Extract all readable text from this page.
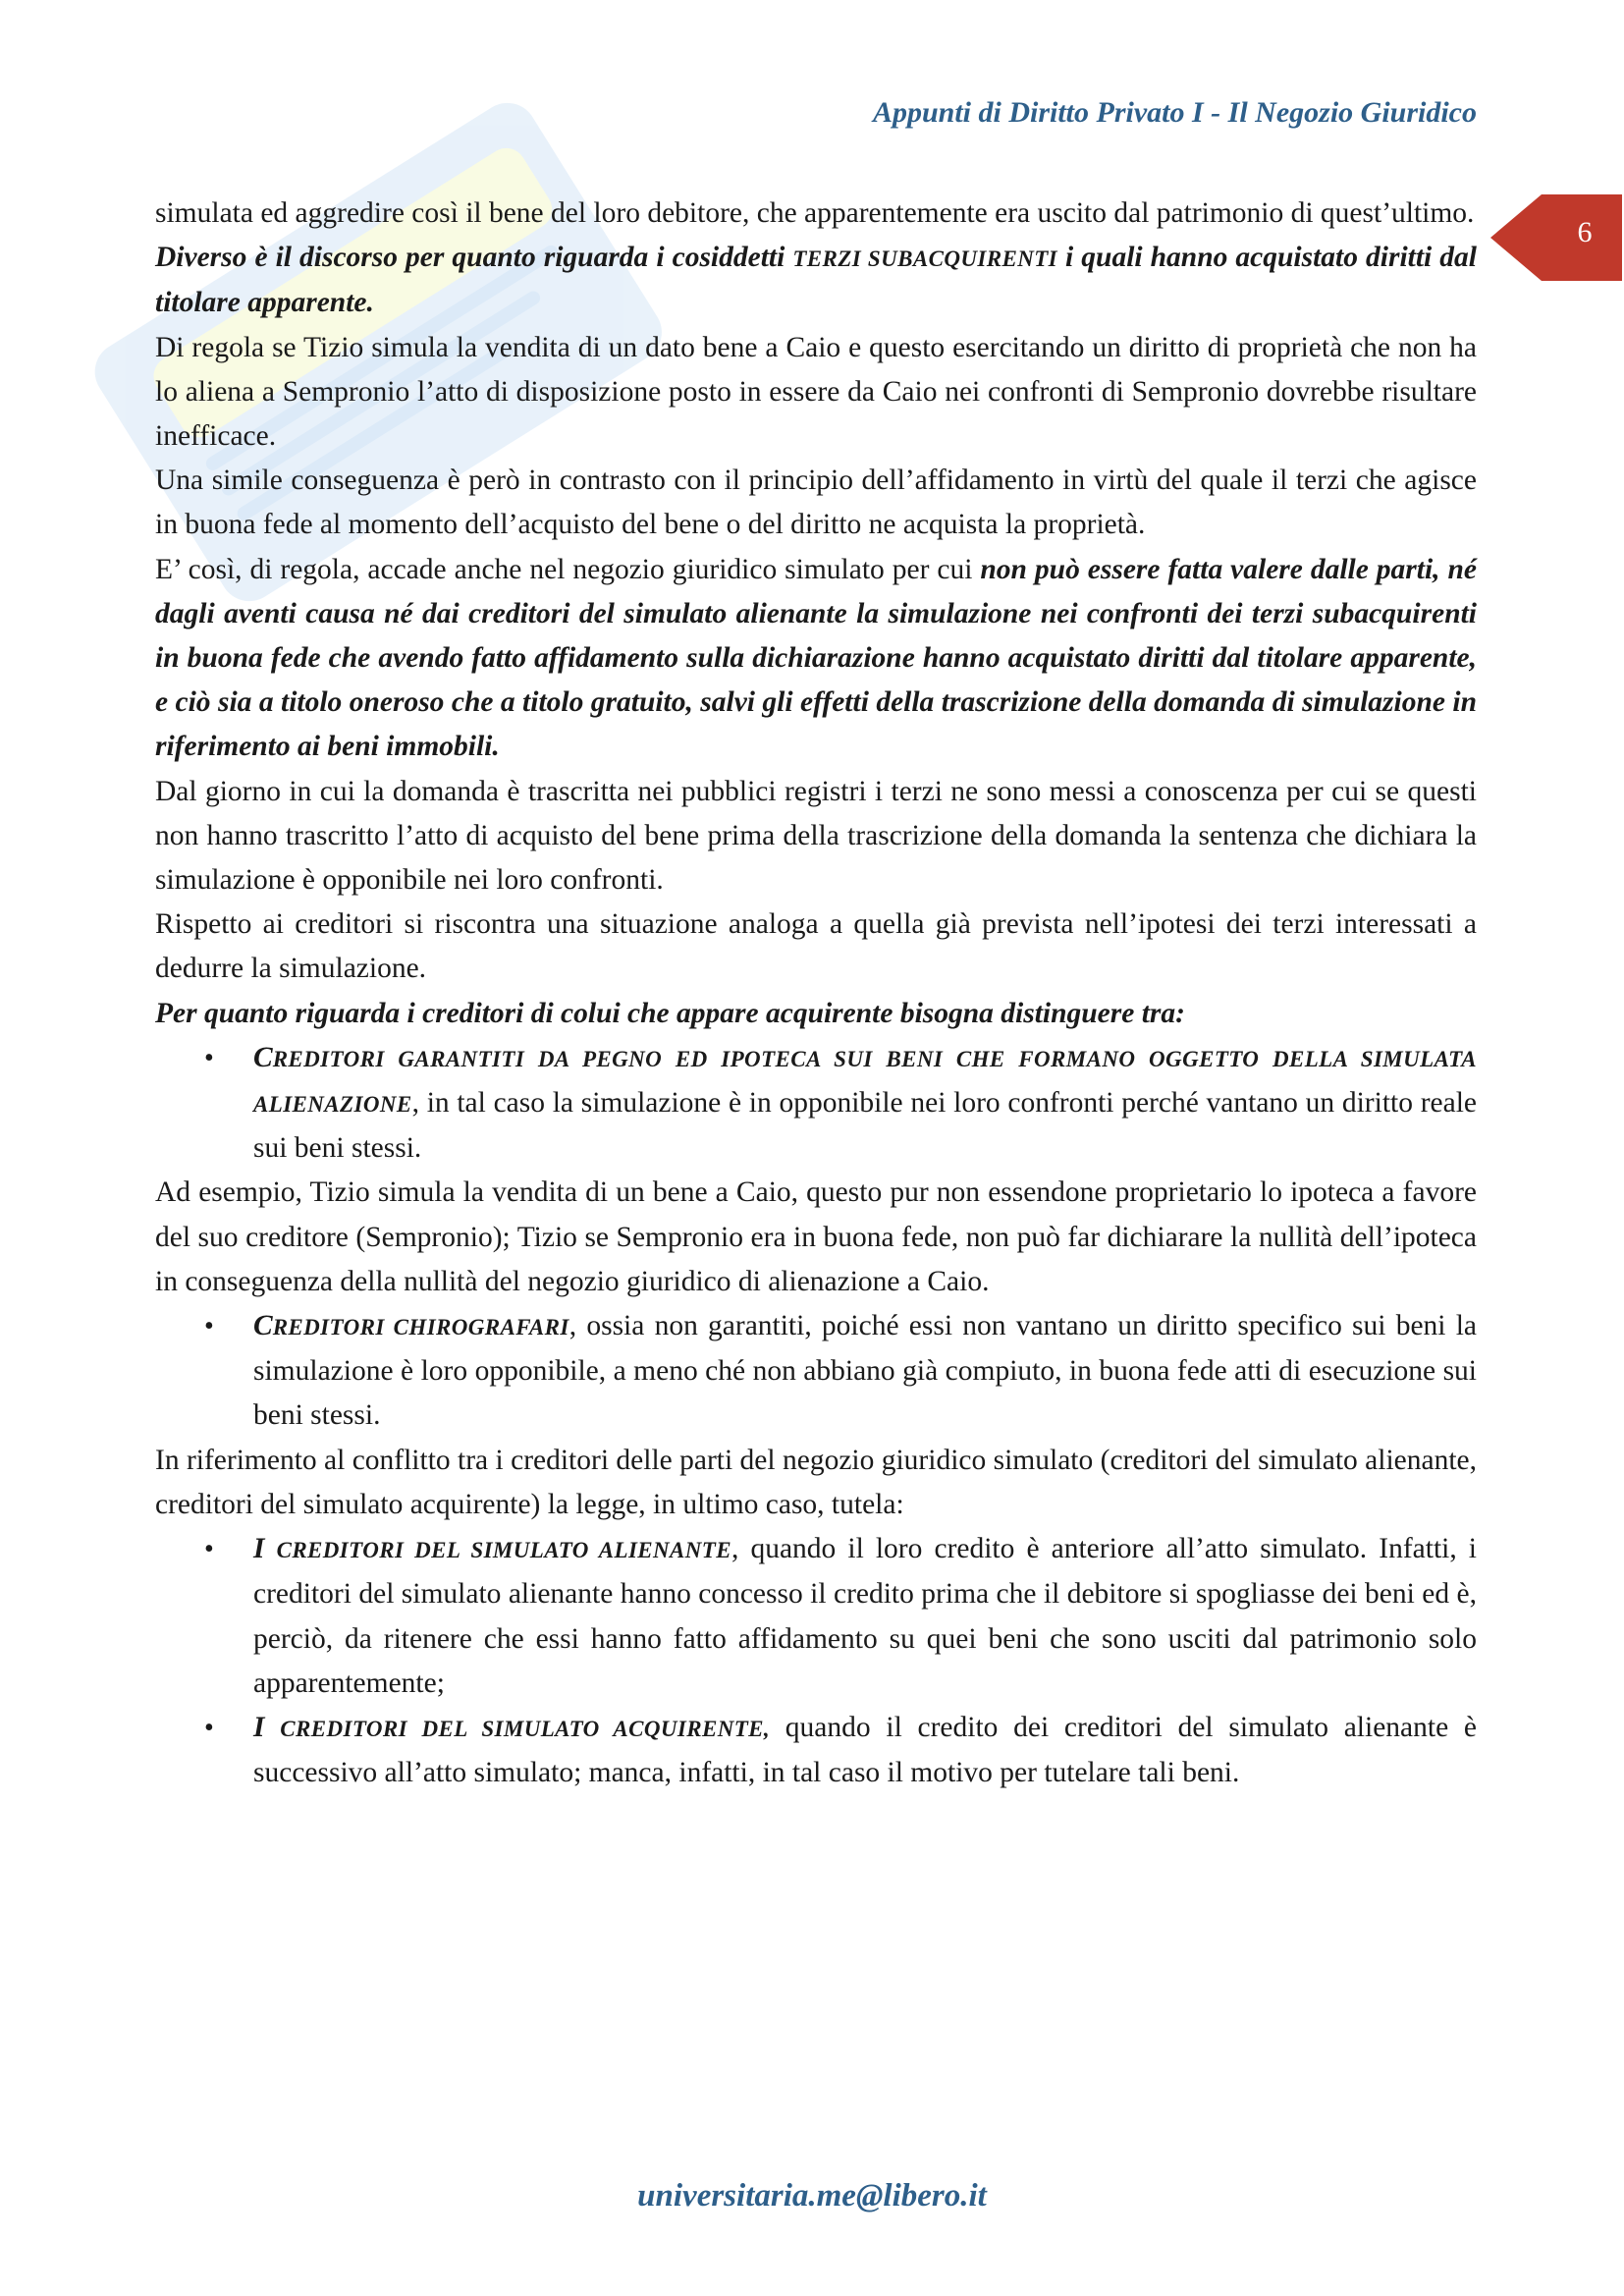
Appunti di Diritto Privato I - Il Negozio Giuridico
6

simulata ed aggredire così il bene del loro debitore, che apparentemente era uscito dal patrimonio di quest’ultimo.

Diverso è il discorso per quanto riguarda i cosiddetti TERZI SUBACQUIRENTI i quali hanno acquistato diritti dal titolare apparente.

Di regola se Tizio simula la vendita di un dato bene a Caio e questo esercitando un diritto di proprietà che non ha lo aliena a Sempronio l’atto di disposizione posto in essere da Caio nei confronti di Sempronio dovrebbe risultare inefficace.

Una simile conseguenza è però in contrasto con il principio dell’affidamento in virtù del quale il terzi che agisce in buona fede al momento dell’acquisto del bene o del diritto ne acquista la proprietà.

E’ così, di regola, accade anche nel negozio giuridico simulato per cui non può essere fatta valere dalle parti, né dagli aventi causa né dai creditori del simulato alienante la simulazione nei confronti dei terzi subacquirenti in buona fede che avendo fatto affidamento sulla dichiarazione hanno acquistato diritti dal titolare apparente, e ciò sia a titolo oneroso che a titolo gratuito, salvi gli effetti della trascrizione della domanda di simulazione in riferimento ai beni immobili.

Dal giorno in cui la domanda è trascritta nei pubblici registri i terzi ne sono messi a conoscenza per cui se questi non hanno trascritto l’atto di acquisto del bene prima della trascrizione della domanda la sentenza che dichiara la simulazione è opponibile nei loro confronti.

Rispetto ai creditori si riscontra una situazione analoga a quella già prevista nell’ipotesi dei terzi interessati a dedurre la simulazione.

Per quanto riguarda i creditori di colui che appare acquirente bisogna distinguere tra:

• CREDITORI GARANTITI DA PEGNO ED IPOTECA SUI BENI CHE FORMANO OGGETTO DELLA SIMULATA ALIENAZIONE, in tal caso la simulazione è in opponibile nei loro confronti perché vantano un diritto reale sui beni stessi.

Ad esempio, Tizio simula la vendita di un bene a Caio, questo pur non essendone proprietario lo ipoteca a favore del suo creditore (Sempronio); Tizio se Sempronio era in buona fede, non può far dichiarare la nullità dell’ipoteca in conseguenza della nullità del negozio giuridico di alienazione a Caio.

• CREDITORI CHIROGRAFARI, ossia non garantiti, poiché essi non vantano un diritto specifico sui beni la simulazione è loro opponibile, a meno ché non abbiano già compiuto, in buona fede atti di esecuzione sui beni stessi.

In riferimento al conflitto tra i creditori delle parti del negozio giuridico simulato (creditori del simulato alienante, creditori del simulato acquirente) la legge, in ultimo caso, tutela:

• I CREDITORI DEL SIMULATO ALIENANTE, quando il loro credito è anteriore all’atto simulato. Infatti, i creditori del simulato alienante hanno concesso il credito prima che il debitore si spogliasse dei beni ed è, perciò, da ritenere che essi hanno fatto affidamento su quei beni che sono usciti dal patrimonio solo apparentemente;
• I CREDITORI DEL SIMULATO ACQUIRENTE, quando il credito dei creditori del simulato alienante è successivo all’atto simulato; manca, infatti, in tal caso il motivo per tutelare tali beni.
universitaria.me@libero.it
